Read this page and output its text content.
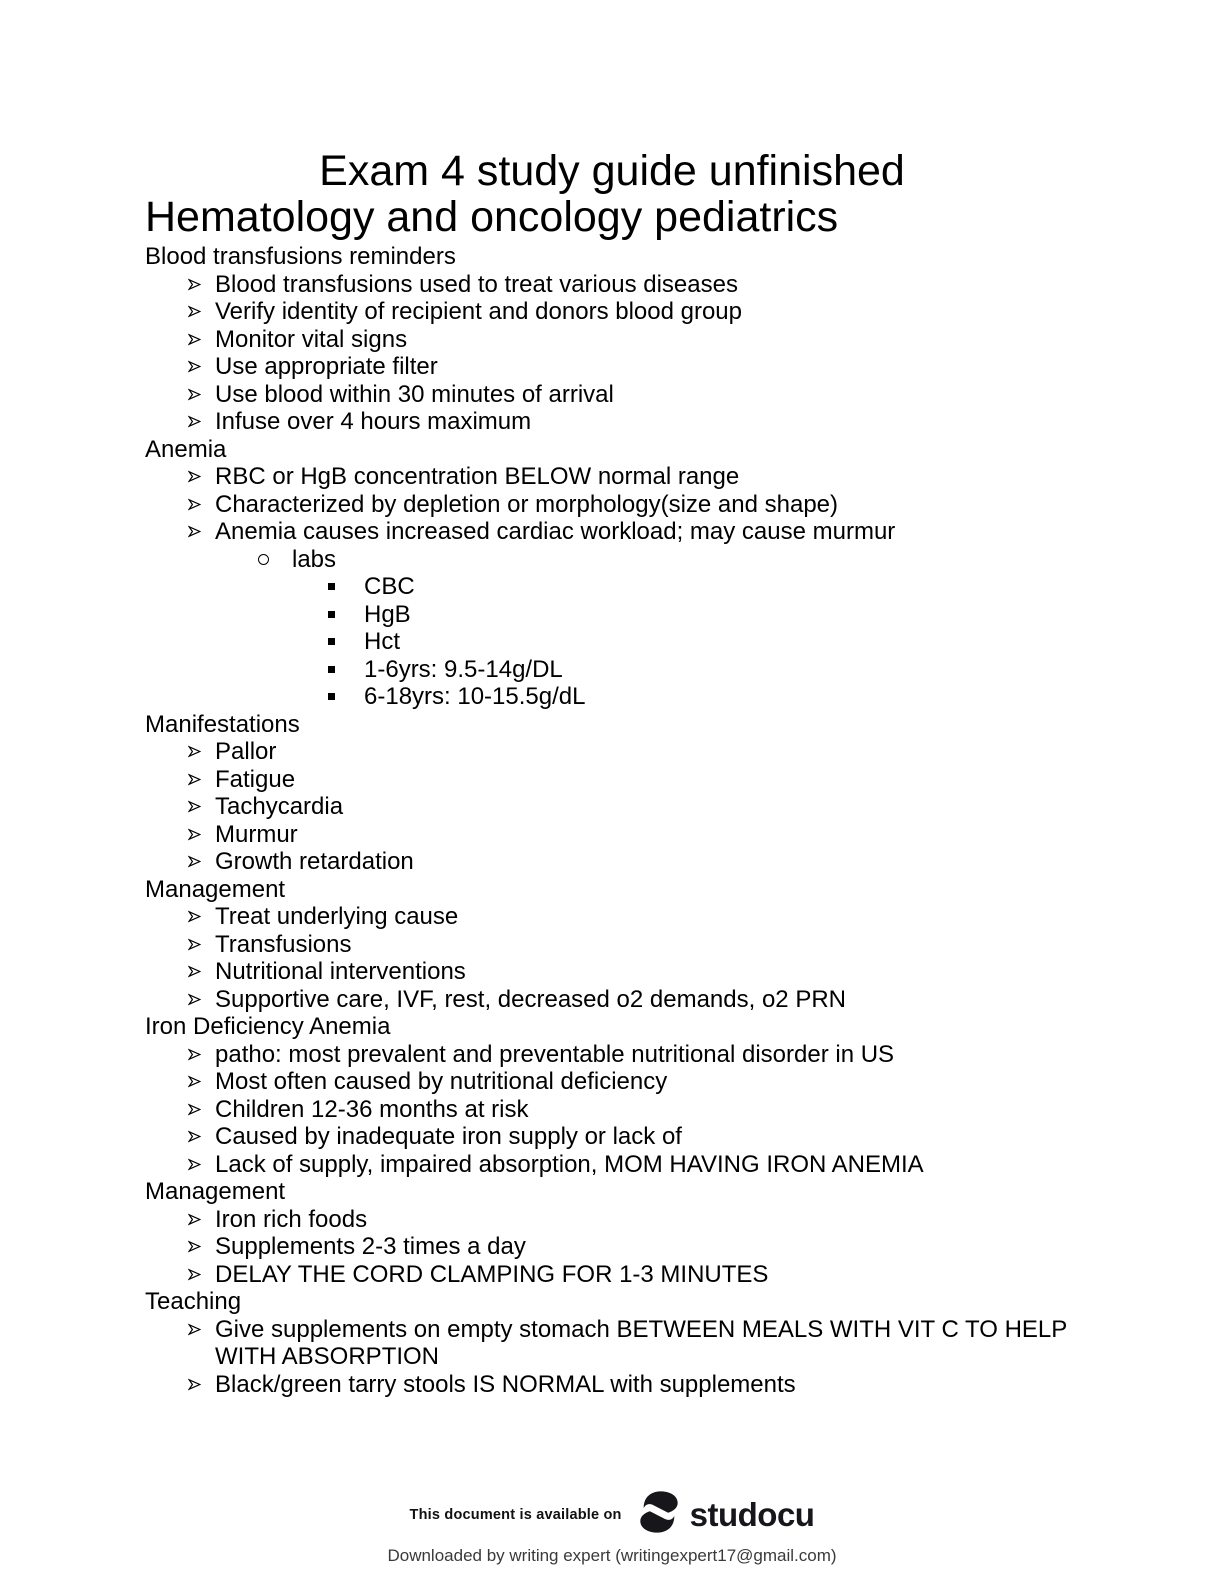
Exam 4 study guide unfinished
Hematology and oncology pediatrics
Blood transfusions reminders
Blood transfusions used to treat various diseases
Verify identity of recipient and donors blood group
Monitor vital signs
Use appropriate filter
Use blood within 30 minutes of arrival
Infuse over 4 hours maximum
Anemia
RBC or HgB concentration BELOW normal range
Characterized by depletion or morphology(size and shape)
Anemia causes increased cardiac workload; may cause murmur
labs
CBC
HgB
Hct
1-6yrs: 9.5-14g/DL
6-18yrs: 10-15.5g/dL
Manifestations
Pallor
Fatigue
Tachycardia
Murmur
Growth retardation
Management
Treat underlying cause
Transfusions
Nutritional interventions
Supportive care, IVF, rest, decreased o2 demands, o2 PRN
Iron Deficiency Anemia
patho: most prevalent and preventable nutritional disorder in US
Most often caused by nutritional deficiency
Children 12-36 months at risk
Caused by inadequate iron supply or lack of
Lack of supply, impaired absorption, MOM HAVING IRON ANEMIA
Management
Iron rich foods
Supplements 2-3 times a day
DELAY THE CORD CLAMPING FOR 1-3 MINUTES
Teaching
Give supplements on empty stomach BETWEEN MEALS WITH VIT C TO HELP WITH ABSORPTION
Black/green tarry stools IS NORMAL with supplements
This document is available on studocu
Downloaded by writing expert (writingexpert17@gmail.com)
